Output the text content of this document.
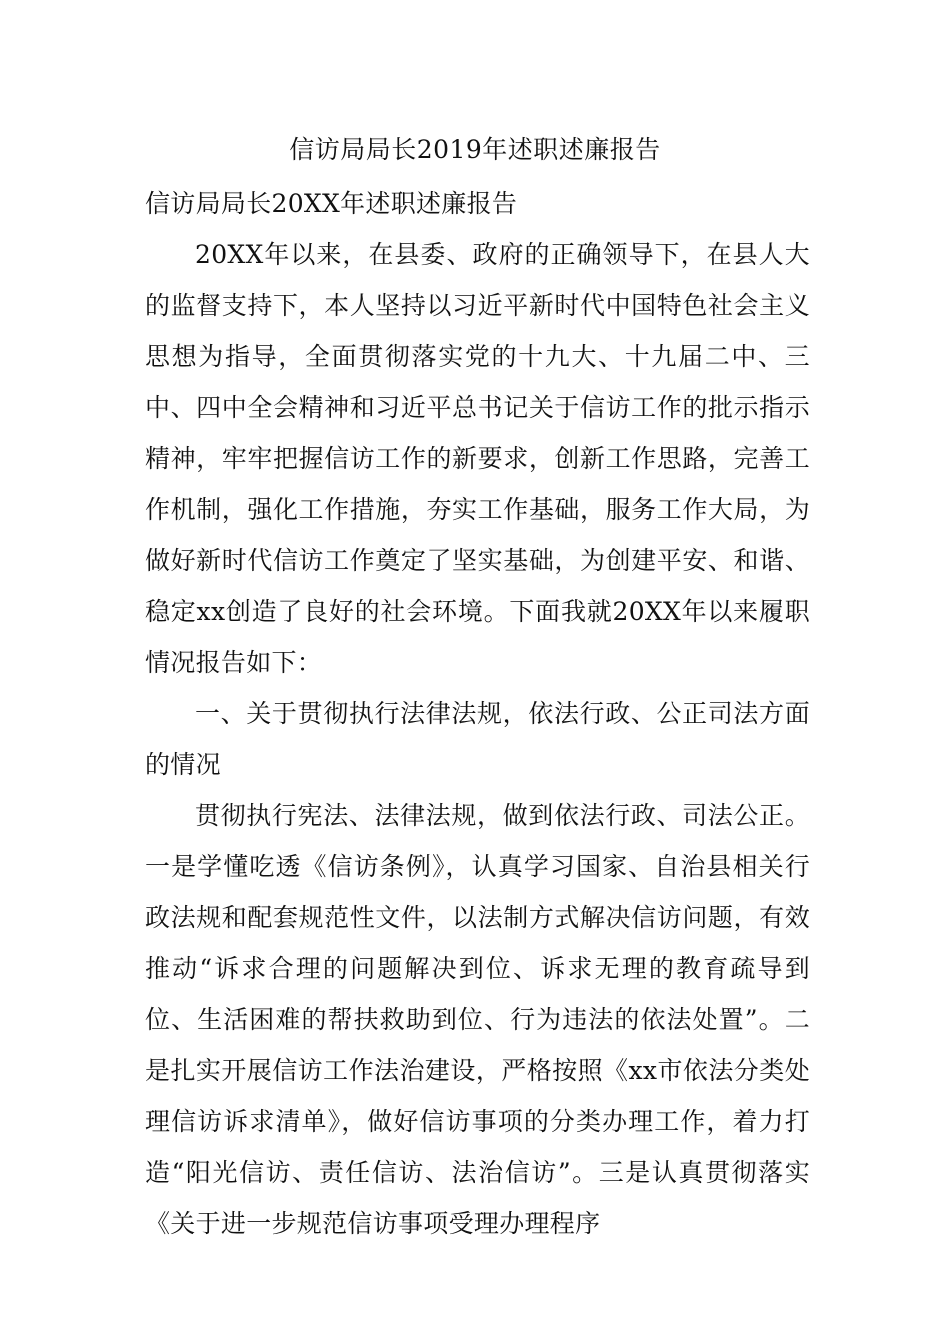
信访局局长2019年述职述廉报告

信访局局长20XX年述职述廉报告

20XX年以来，在县委、政府的正确领导下，在县人大的监督支持下，本人坚持以习近平新时代中国特色社会主义思想为指导，全面贯彻落实党的十九大、十九届二中、三中、四中全会精神和习近平总书记关于信访工作的批示指示精神，牢牢把握信访工作的新要求，创新工作思路，完善工作机制，强化工作措施，夯实工作基础，服务工作大局，为做好新时代信访工作奠定了坚实基础，为创建平安、和谐、稳定xx创造了良好的社会环境。下面我就20XX年以来履职情况报告如下：

一、关于贯彻执行法律法规，依法行政、公正司法方面的情况

贯彻执行宪法、法律法规，做到依法行政、司法公正。一是学懂吃透《信访条例》，认真学习国家、自治县相关行政法规和配套规范性文件，以法制方式解决信访问题，有效推动“诉求合理的问题解决到位、诉求无理的教育疏导到位、生活困难的帮扶救助到位、行为违法的依法处置”。二是扎实开展信访工作法治建设，严格按照《xx市依法分类处理信访诉求清单》，做好信访事项的分类办理工作，着力打造“阳光信访、责任信访、法治信访”。三是认真贯彻落实《关于进一步规范信访事项受理办理程序
